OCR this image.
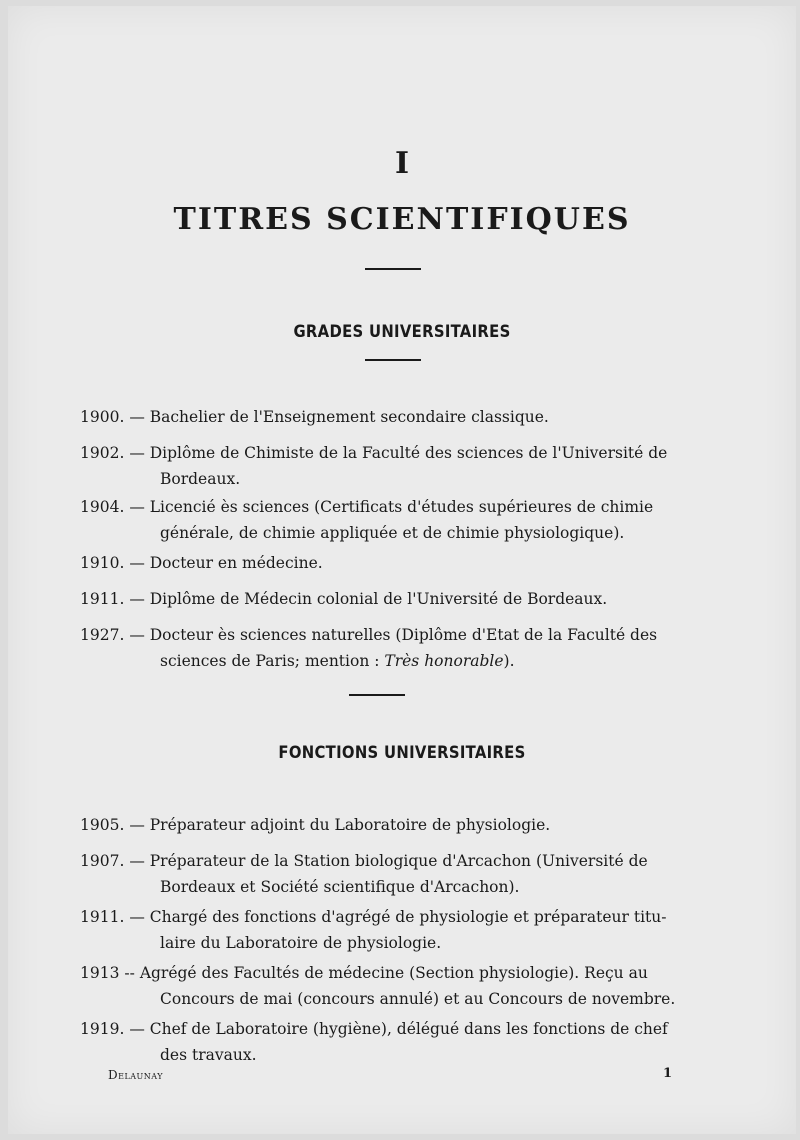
I
TITRES SCIENTIFIQUES
GRADES UNIVERSITAIRES
1900. — Bachelier de l'Enseignement secondaire classique.
1902. — Diplôme de Chimiste de la Faculté des sciences de l'Université de
Bordeaux.
1904. — Licencié ès sciences (Certificats d'études supérieures de chimie
générale, de chimie appliquée et de chimie physiologique).
1910. — Docteur en médecine.
1911. — Diplôme de Médecin colonial de l'Université de Bordeaux.
1927. — Docteur ès sciences naturelles (Diplôme d'Etat de la Faculté des
sciences de Paris; mention : Très honorable).
FONCTIONS UNIVERSITAIRES
1905. — Préparateur adjoint du Laboratoire de physiologie.
1907. — Préparateur de la Station biologique d'Arcachon (Université de
Bordeaux et Société scientifique d'Arcachon).
1911. — Chargé des fonctions d'agrégé de physiologie et préparateur titu-
laire du Laboratoire de physiologie.
1913 -- Agrégé des Facultés de médecine (Section physiologie). Reçu au
Concours de mai (concours annulé) et au Concours de novembre.
1919. — Chef de Laboratoire (hygiène), délégué dans les fonctions de chef
des travaux.
Delaunay	1
